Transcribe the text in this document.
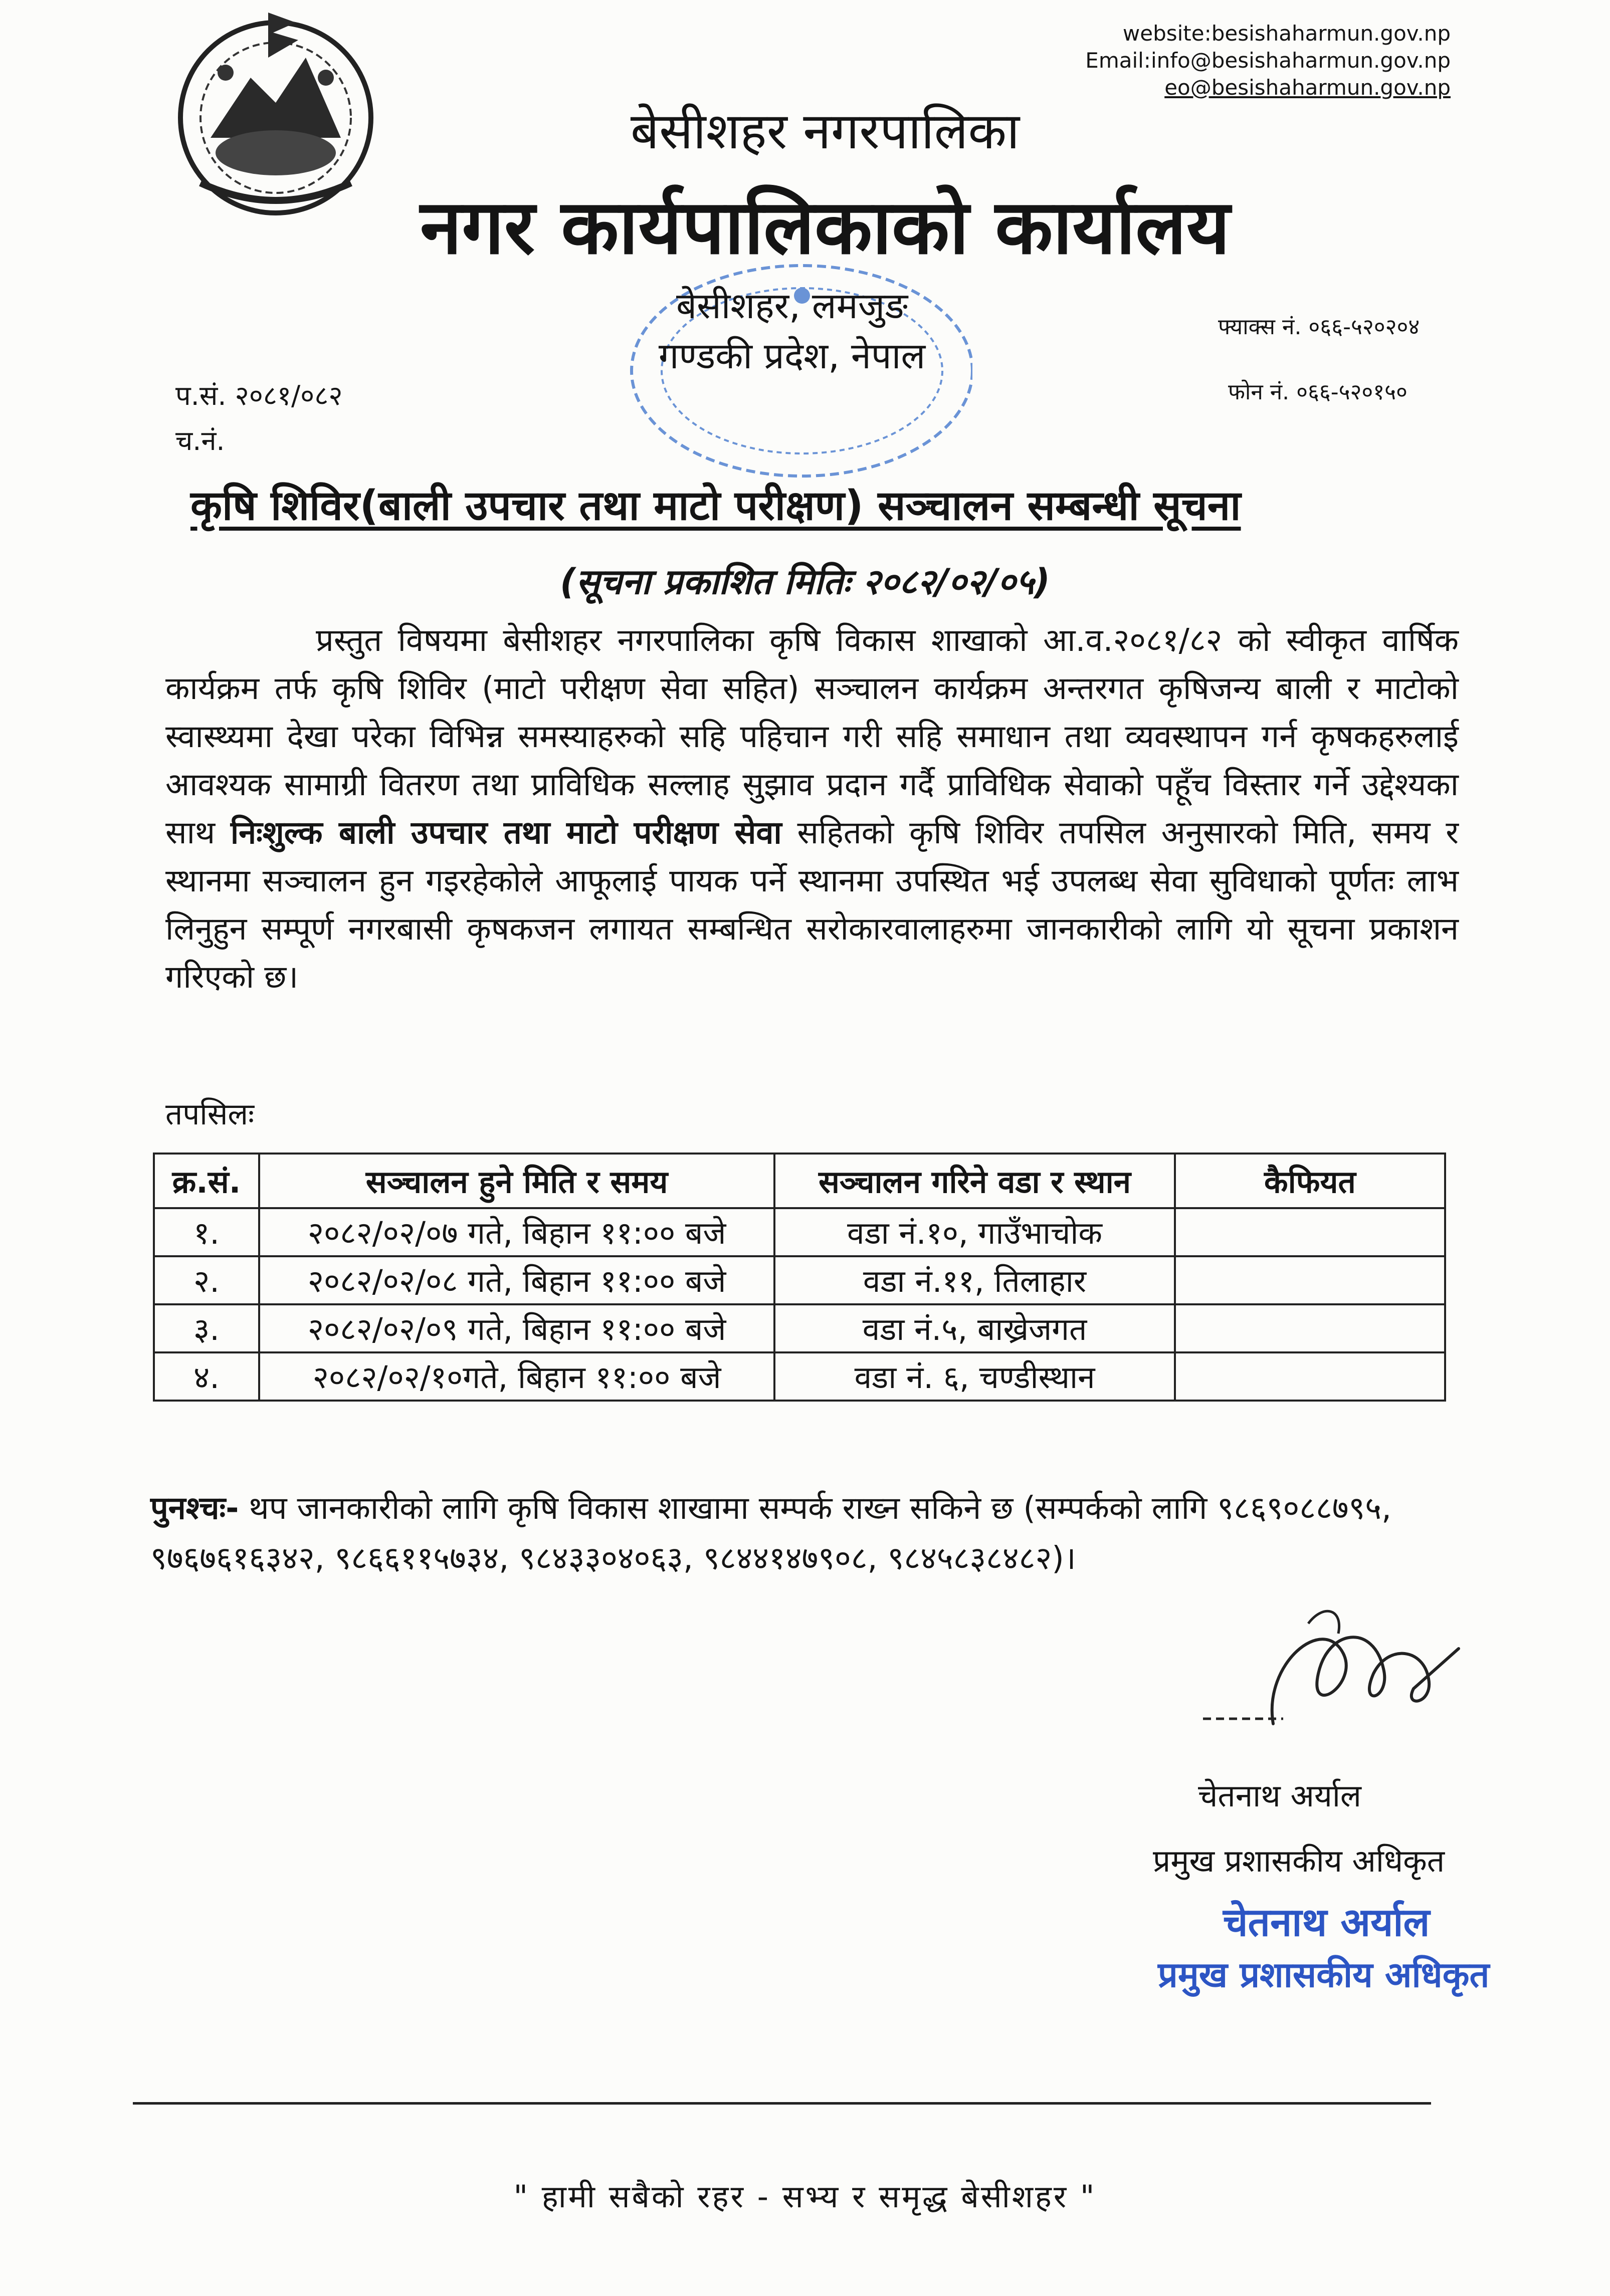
website:besishaharmun.gov.np
Email:info@besishaharmun.gov.np
eo@besishaharmun.gov.np
बेसीशहर नगरपालिका
नगर कार्यपालिकाको कार्यालय
बेसीशहर, लमजुङ
गण्डकी प्रदेश, नेपाल
फ्याक्स नं. ०६६-५२०२०४
फोन नं. ०६६-५२०१५०
प.सं. २०८१/०८२
च.नं.
कृषि शिविर(बाली उपचार तथा माटो परीक्षण) सञ्चालन सम्बन्धी सूचना
(सूचना प्रकाशित मितिः २०८२/०२/०५)
प्रस्तुत विषयमा बेसीशहर नगरपालिका कृषि विकास शाखाको आ.व.२०८१/८२ को स्वीकृत वार्षिक कार्यक्रम तर्फ कृषि शिविर (माटो परीक्षण सेवा सहित) सञ्चालन कार्यक्रम अन्तरगत कृषिजन्य बाली र माटोको स्वास्थ्यमा देखा परेका विभिन्न समस्याहरुको सहि पहिचान गरी सहि समाधान तथा व्यवस्थापन गर्न कृषकहरुलाई आवश्यक सामाग्री वितरण तथा प्राविधिक सल्लाह सुझाव प्रदान गर्दै प्राविधिक सेवाको पहूँच विस्तार गर्ने उद्देश्यका साथ निःशुल्क बाली उपचार तथा माटो परीक्षण सेवा सहितको कृषि शिविर तपसिल अनुसारको मिति, समय र स्थानमा सञ्चालन हुन गइरहेकोले आफूलाई पायक पर्ने स्थानमा उपस्थित भई उपलब्ध सेवा सुविधाको पूर्णतः लाभ लिनुहुन सम्पूर्ण नगरबासी कृषकजन लगायत सम्बन्धित सरोकारवालाहरुमा जानकारीको लागि यो सूचना प्रकाशन गरिएको छ।
तपसिलः
क्र.सं.	सञ्चालन हुने मिति र समय	सञ्चालन गरिने वडा र स्थान	कैफियत
१.	२०८२/०२/०७ गते, बिहान ११:०० बजे	वडा नं.१०, गाउँभाचोक	
२.	२०८२/०२/०८ गते, बिहान ११:०० बजे	वडा नं.११, तिलाहार	
३.	२०८२/०२/०९ गते, बिहान ११:०० बजे	वडा नं.५, बाख्रेजगत	
४.	२०८२/०२/१०गते, बिहान ११:०० बजे	वडा नं. ६, चण्डीस्थान	
पुनश्चः- थप जानकारीको लागि कृषि विकास शाखामा सम्पर्क राख्न सकिने छ (सम्पर्कको लागि ९८६९०८८७९५, ९७६७६१६३४२, ९८६६११५७३४, ९८४३३०४०६३, ९८४४१४७९०८, ९८४५८३८४८२)।
चेतनाथ अर्याल
प्रमुख प्रशासकीय अधिकृत
चेतनाथ अर्याल
प्रमुख प्रशासकीय अधिकृत
" हामी सबैको रहर - सभ्य र समृद्ध बेसीशहर "
